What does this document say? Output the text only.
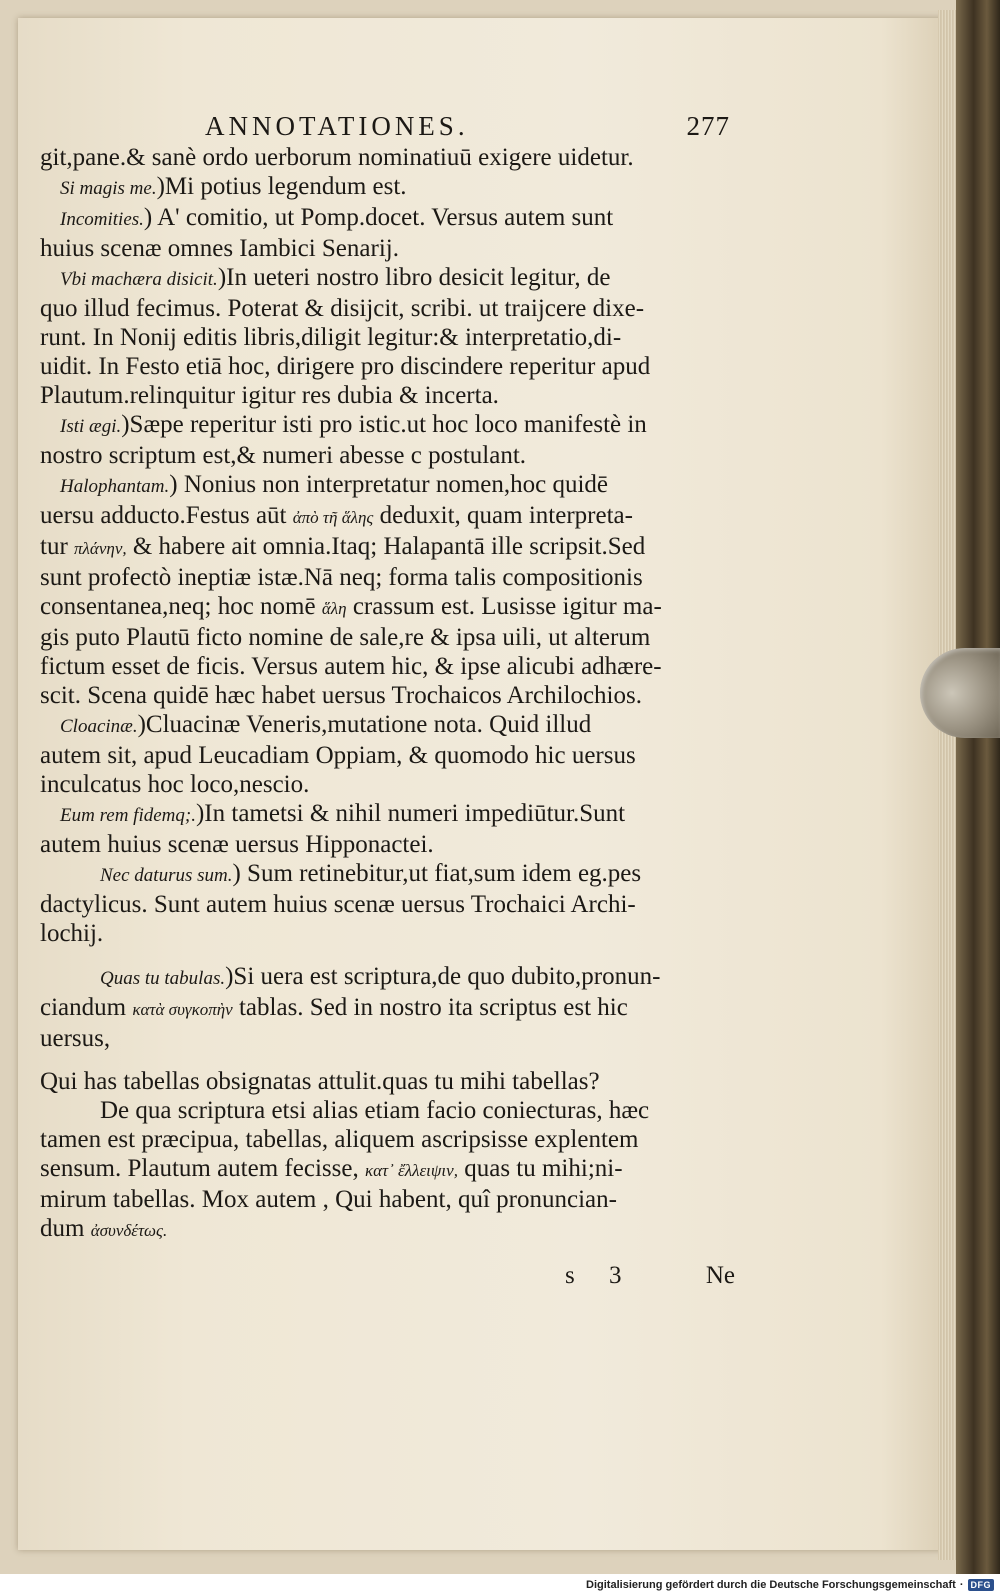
ANNOTATIONES.	277
git,pane.& sanè ordo uerborum nominatiuū exigere uidetur.
Si magis me.)Mi potius legendum est.
Incomities.) A' comitio, ut Pomp.docet. Versus autem sunt
huius scenæ omnes Iambici Senarij.
Vbi machæra disicit.)In ueteri nostro libro desicit legitur, de
quo illud fecimus. Poterat & disijcit, scribi. ut traijcere dixe-
runt. In Nonij editis libris,diligit legitur:& interpretatio,di-
uidit. In Festo etiā hoc, dirigere pro discindere reperitur apud
Plautum.relinquitur igitur res dubia & incerta.
Isti ægi.)Sæpe reperitur isti pro istic.ut hoc loco manifestè in
nostro scriptum est,& numeri abesse c postulant.
Halophantam.) Nonius non interpretatur nomen,hoc quidē
uersu adducto.Festus aūt ἀπὸ τῆ ἅλης deduxit, quam interpreta-
tur πλάνην, & habere ait omnia.Itaq; Halapantā ille scripsit.Sed
sunt profectò ineptiæ istæ.Nā neq; forma talis compositionis
consentanea,neq; hoc nomē ἅλη crassum est. Lusisse igitur ma-
gis puto Plautū ficto nomine de sale,re & ipsa uili, ut alterum
fictum esset de ficis. Versus autem hic, & ipse alicubi adhære-
scit. Scena quidē hæc habet uersus Trochaicos Archilochios.
Cloacinæ.)Cluacinæ Veneris,mutatione nota. Quid illud
autem sit, apud Leucadiam Oppiam, & quomodo hic uersus
inculcatus hoc loco,nescio.
Eum rem fidemq;.)In tametsi & nihil numeri impediūtur.Sunt
autem huius scenæ uersus Hipponactei.
Nec daturus sum.) Sum retinebitur,ut fiat,sum idem eg.pes
dactylicus. Sunt autem huius scenæ uersus Trochaici Archi-
lochij.
Quas tu tabulas.)Si uera est scriptura,de quo dubito,pronun-
ciandum κατὰ συγκοπὴν tablas. Sed in nostro ita scriptus est hic
uersus,
Qui has tabellas obsignatas attulit.quas tu mihi tabellas?
De qua scriptura etsi alias etiam facio coniecturas, hæc
tamen est præcipua, tabellas, aliquem ascripsisse explentem
sensum. Plautum autem fecisse, κατ᾽ ἔλλειψιν, quas tu mihi;ni-
mirum tabellas. Mox autem , Qui habent, quî pronuncian-
dum ἀσυνδέτως.
s 3	Ne
Digitalisierung gefördert durch die Deutsche Forschungsgemeinschaft · DFG
